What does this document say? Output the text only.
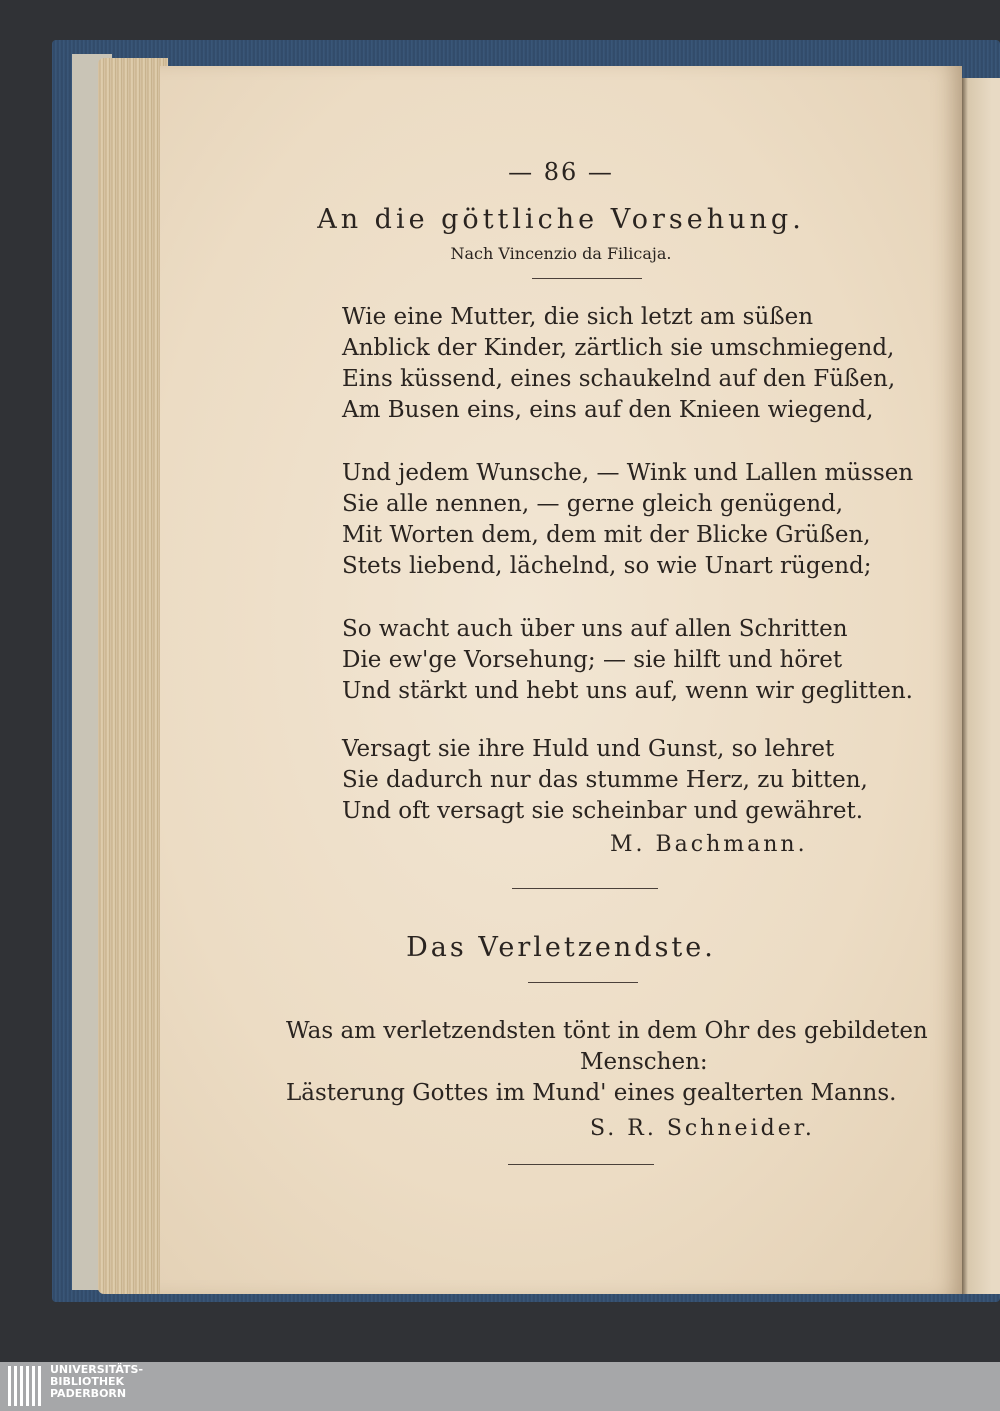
— 86 —
An die göttliche Vorsehung.
Nach Vincenzio da Filicaja.
Wie eine Mutter, die sich letzt am süßen
Anblick der Kinder, zärtlich sie umschmiegend,
Eins küssend, eines schaukelnd auf den Füßen,
Am Busen eins, eins auf den Knieen wiegend,
Und jedem Wunsche, — Wink und Lallen müssen
Sie alle nennen, — gerne gleich genügend,
Mit Worten dem, dem mit der Blicke Grüßen,
Stets liebend, lächelnd, so wie Unart rügend;
So wacht auch über uns auf allen Schritten
Die ew'ge Vorsehung; — sie hilft und höret
Und stärkt und hebt uns auf, wenn wir geglitten.
Versagt sie ihre Huld und Gunst, so lehret
Sie dadurch nur das stumme Herz, zu bitten,
Und oft versagt sie scheinbar und gewähret.
M. Bachmann.
Das Verletzendste.
Was am verletzendsten tönt in dem Ohr des gebildeten
Menschen:
Lästerung Gottes im Mund' eines gealterten Manns.
S. R. Schneider.
UNIVERSITÄTS-
BIBLIOTHEK
PADERBORN
